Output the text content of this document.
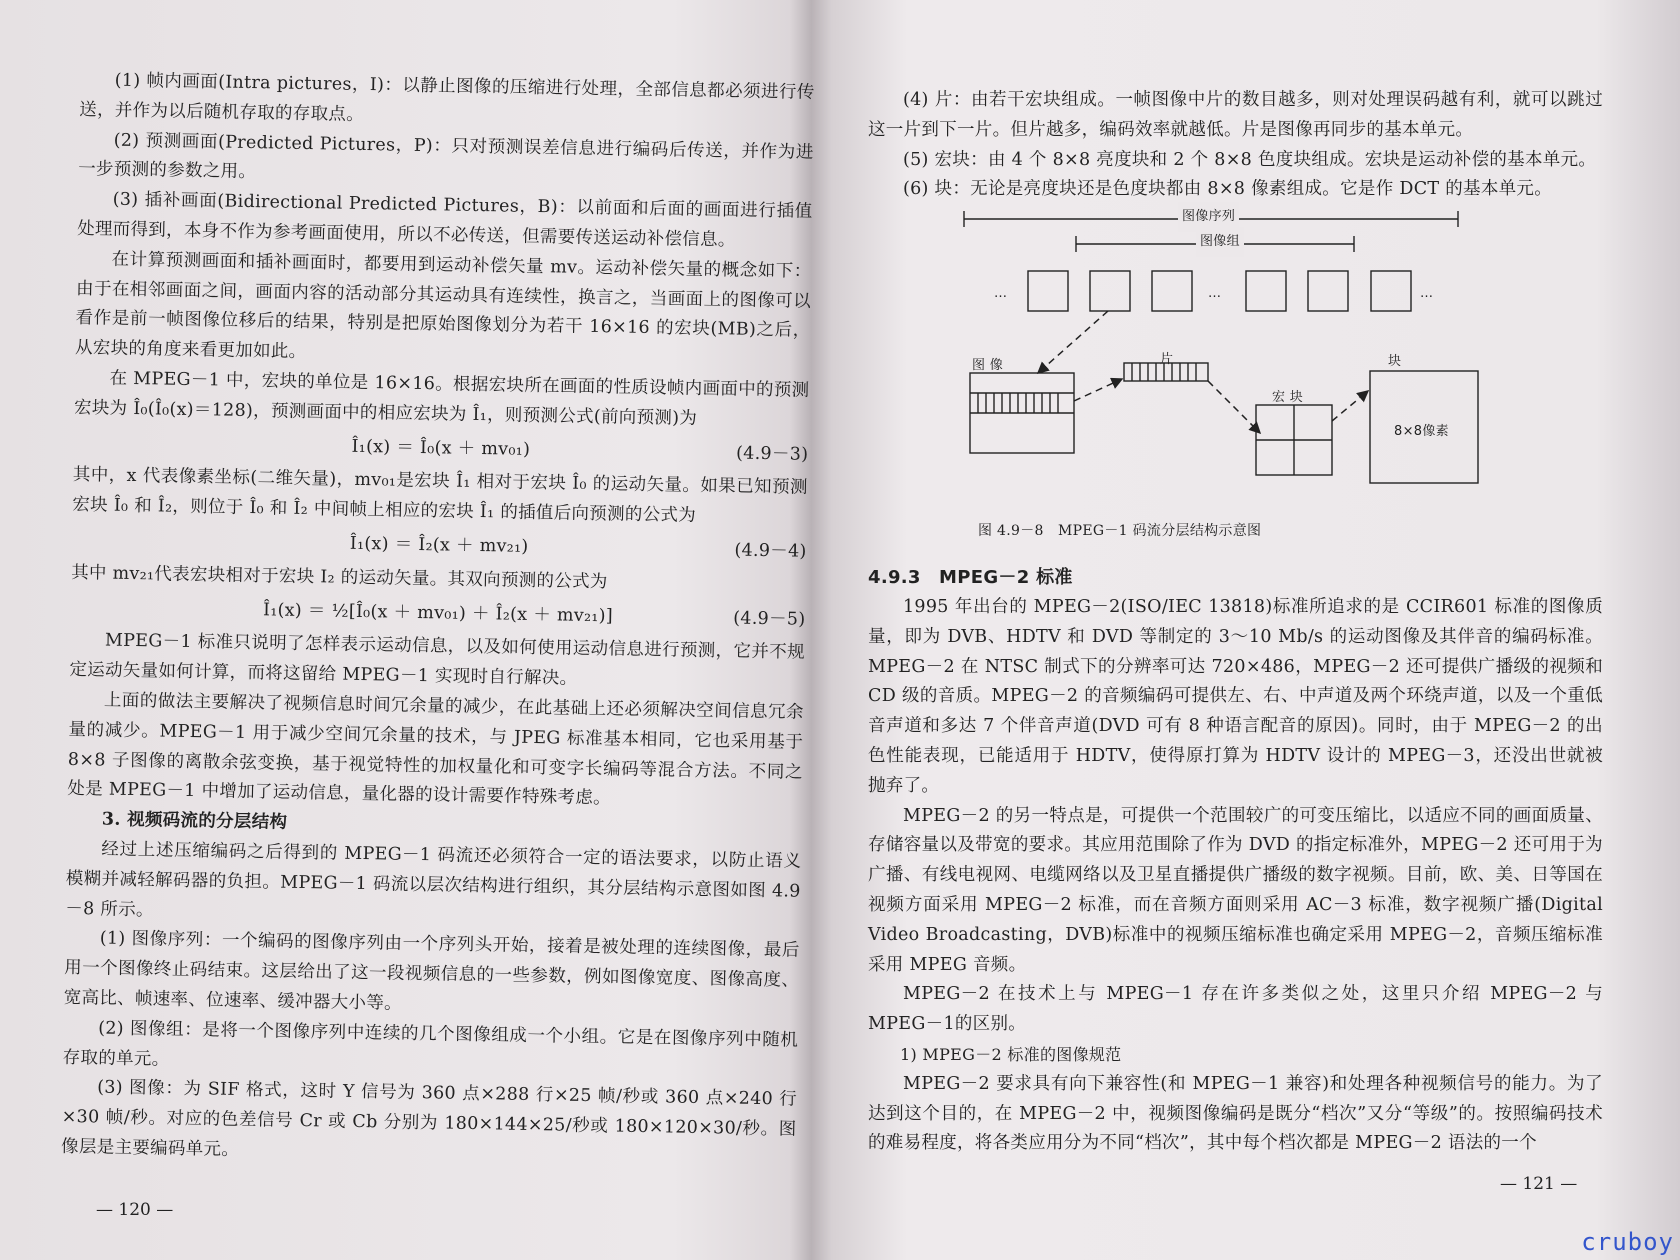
(1) 帧内画面(Intra pictures，I)：以静止图像的压缩进行处理，全部信息都必须进行传送，并作为以后随机存取的存取点。

(2) 预测画面(Predicted Pictures，P)：只对预测误差信息进行编码后传送，并作为进一步预测的参数之用。

(3) 插补画面(Bidirectional Predicted Pictures，B)：以前面和后面的画面进行插值处理而得到，本身不作为参考画面使用，所以不必传送，但需要传送运动补偿信息。

在计算预测画面和插补画面时，都要用到运动补偿矢量 mv。运动补偿矢量的概念如下：由于在相邻画面之间，画面内容的活动部分其运动具有连续性，换言之，当画面上的图像可以看作是前一帧图像位移后的结果，特别是把原始图像划分为若干 16×16 的宏块(MB)之后，从宏块的角度来看更加如此。

在 MPEG－1 中，宏块的单位是 16×16。根据宏块所在画面的性质设帧内画面中的预测宏块为 Î₀(Î₀(x)＝128)，预测画面中的相应宏块为 Î₁，则预测公式(前向预测)为

Î₁(x) ＝ Î₀(x ＋ mv₀₁)	(4.9－3)

其中，x 代表像素坐标(二维矢量)，mv₀₁是宏块 Î₁ 相对于宏块 Î₀ 的运动矢量。如果已知预测宏块 Î₀ 和 Î₂，则位于 Î₀ 和 Î₂ 中间帧上相应的宏块 Î₁ 的插值后向预测的公式为

Î₁(x) ＝ Î₂(x ＋ mv₂₁)	(4.9－4)

其中 mv₂₁代表宏块相对于宏块 I₂ 的运动矢量。其双向预测的公式为

Î₁(x) ＝ ½[Î₀(x ＋ mv₀₁) ＋ Î₂(x ＋ mv₂₁)]	(4.9－5)

MPEG－1 标准只说明了怎样表示运动信息，以及如何使用运动信息进行预测，它并不规定运动矢量如何计算，而将这留给 MPEG－1 实现时自行解决。

上面的做法主要解决了视频信息时间冗余量的减少，在此基础上还必须解决空间信息冗余量的减少。MPEG－1 用于减少空间冗余量的技术，与 JPEG 标准基本相同，它也采用基于 8×8 子图像的离散余弦变换，基于视觉特性的加权量化和可变字长编码等混合方法。不同之处是 MPEG－1 中增加了运动信息，量化器的设计需要作特殊考虑。

3. 视频码流的分层结构

经过上述压缩编码之后得到的 MPEG－1 码流还必须符合一定的语法要求，以防止语义模糊并减轻解码器的负担。MPEG－1 码流以层次结构进行组织，其分层结构示意图如图 4.9－8 所示。

(1) 图像序列：一个编码的图像序列由一个序列头开始，接着是被处理的连续图像，最后用一个图像终止码结束。这层给出了这一段视频信息的一些参数，例如图像宽度、图像高度、宽高比、帧速率、位速率、缓冲器大小等。

(2) 图像组：是将一个图像序列中连续的几个图像组成一个小组。它是在图像序列中随机存取的单元。

(3) 图像：为 SIF 格式，这时 Y 信号为 360 点×288 行×25 帧/秒或 360 点×240 行×30 帧/秒。对应的色差信号 Cr 或 Cb 分别为 180×144×25/秒或 180×120×30/秒。图像层是主要编码单元。

— 120 —

(4) 片：由若干宏块组成。一帧图像中片的数目越多，则对处理误码越有利，就可以跳过这一片到下一片。但片越多，编码效率就越低。片是图像再同步的基本单元。

(5) 宏块：由 4 个 8×8 亮度块和 2 个 8×8 色度块组成。宏块是运动补偿的基本单元。

(6) 块：无论是亮度块还是色度块都由 8×8 像素组成。它是作 DCT 的基本单元。

图像序列
图像组
…	…	…
图 像	片
宏 块
块
8×8像素
图 4.9－8　MPEG－1 码流分层结构示意图

4.9.3　MPEG－2 标准

1995 年出台的 MPEG－2(ISO/IEC 13818)标准所追求的是 CCIR601 标准的图像质量，即为 DVB、HDTV 和 DVD 等制定的 3～10 Mb/s 的运动图像及其伴音的编码标准。MPEG－2 在 NTSC 制式下的分辨率可达 720×486，MPEG－2 还可提供广播级的视频和 CD 级的音质。MPEG－2 的音频编码可提供左、右、中声道及两个环绕声道，以及一个重低音声道和多达 7 个伴音声道(DVD 可有 8 种语言配音的原因)。同时，由于 MPEG－2 的出色性能表现，已能适用于 HDTV，使得原打算为 HDTV 设计的 MPEG－3，还没出世就被抛弃了。

MPEG－2 的另一特点是，可提供一个范围较广的可变压缩比，以适应不同的画面质量、存储容量以及带宽的要求。其应用范围除了作为 DVD 的指定标准外，MPEG－2 还可用于为广播、有线电视网、电缆网络以及卫星直播提供广播级的数字视频。目前，欧、美、日等国在视频方面采用 MPEG－2 标准，而在音频方面则采用 AC－3 标准，数字视频广播(Digital Video Broadcasting，DVB)标准中的视频压缩标准也确定采用 MPEG－2，音频压缩标准采用 MPEG 音频。

MPEG－2 在技术上与 MPEG－1 存在许多类似之处，这里只介绍 MPEG－2 与 MPEG－1的区别。

1) MPEG－2 标准的图像规范

MPEG－2 要求具有向下兼容性(和 MPEG－1 兼容)和处理各种视频信号的能力。为了达到这个目的，在 MPEG－2 中，视频图像编码是既分“档次”又分“等级”的。按照编码技术的难易程度，将各类应用分为不同“档次”，其中每个档次都是 MPEG－2 语法的一个

— 121 —
cruboy
